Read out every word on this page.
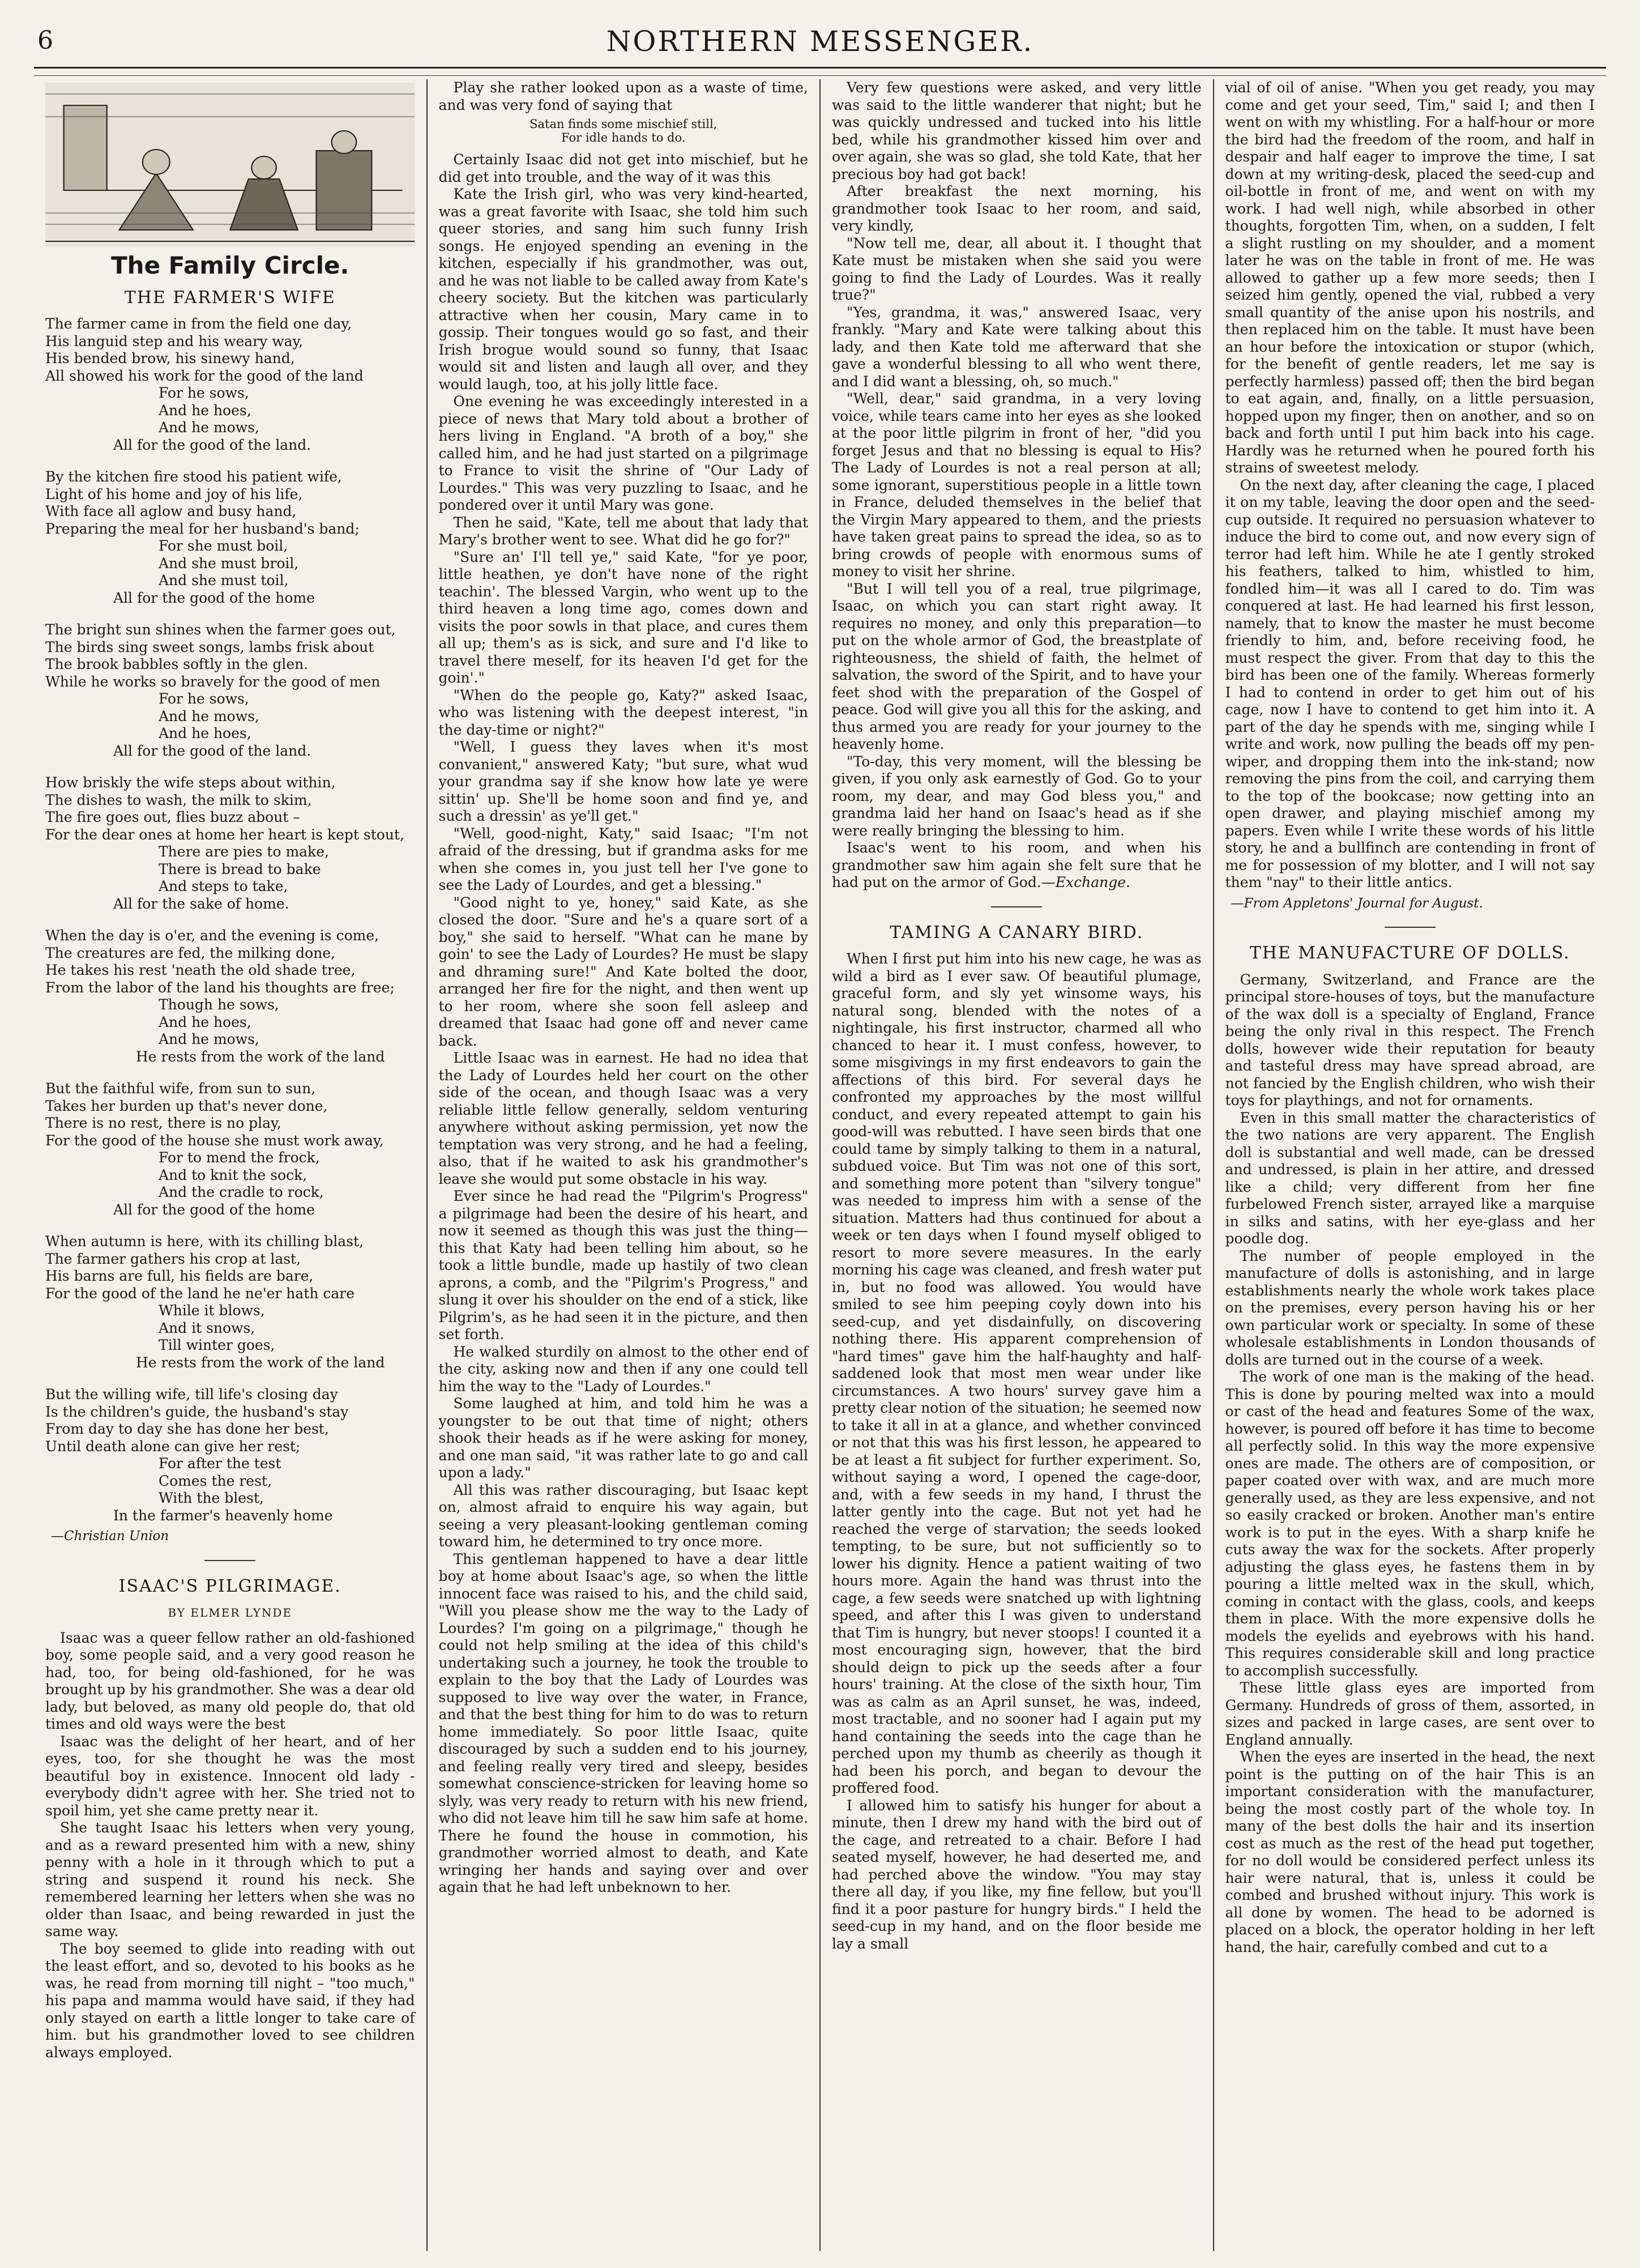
6	NORTHERN MESSENGER.
The Family Circle.
THE FARMER'S WIFE
The farmer came in from the field one day,
His languid step and his weary way,
His bended brow, his sinewy hand,
All showed his work for the good of the land
For he sows,
And he hoes,
And he mows,
All for the good of the land.
By the kitchen fire stood his patient wife,
Light of his home and joy of his life,
With face all aglow and busy hand,
Preparing the meal for her husband's band;
For she must boil,
And she must broil,
And she must toil,
All for the good of the home
The bright sun shines when the farmer goes out,
The birds sing sweet songs, lambs frisk about
The brook babbles softly in the glen.
While he works so bravely for the good of men
For he sows,
And he mows,
And he hoes,
All for the good of the land.
How briskly the wife steps about within,
The dishes to wash, the milk to skim,
The fire goes out, flies buzz about –
For the dear ones at home her heart is kept stout,
There are pies to make,
There is bread to bake
And steps to take,
All for the sake of home.
When the day is o'er, and the evening is come,
The creatures are fed, the milking done,
He takes his rest 'neath the old shade tree,
From the labor of the land his thoughts are free;
Though he sows,
And he hoes,
And he mows,
He rests from the work of the land
But the faithful wife, from sun to sun,
Takes her burden up that's never done,
There is no rest, there is no play,
For the good of the house she must work away,
For to mend the frock,
And to knit the sock,
And the cradle to rock,
All for the good of the home
When autumn is here, with its chilling blast,
The farmer gathers his crop at last,
His barns are full, his fields are bare,
For the good of the land he ne'er hath care
While it blows,
And it snows,
Till winter goes,
He rests from the work of the land
But the willing wife, till life's closing day
Is the children's guide, the husband's stay
From day to day she has done her best,
Until death alone can give her rest;
For after the test
Comes the rest,
With the blest,
In the farmer's heavenly home
—Christian Union
ISAAC'S PILGRIMAGE.
BY ELMER LYNDE

Isaac was a queer fellow rather an old-fashioned boy, some people said, and a very good reason he had, too, for being old-fashioned, for he was brought up by his grandmother. She was a dear old lady, but beloved, as many old people do, that old times and old ways were the best

Isaac was the delight of her heart, and of her eyes, too, for she thought he was the most beautiful boy in existence. Innocent old lady - everybody didn't agree with her. She tried not to spoil him, yet she came pretty near it.

She taught Isaac his letters when very young, and as a reward presented him with a new, shiny penny with a hole in it through which to put a string and suspend it round his neck. She remembered learning her letters when she was no older than Isaac, and being rewarded in just the same way.

The boy seemed to glide into reading with out the least effort, and so, devoted to his books as he was, he read from morning till night – "too much," his papa and mamma would have said, if they had only stayed on earth a little longer to take care of him. but his grandmother loved to see children always employed.

Play she rather looked upon as a waste of time, and was very fond of saying that

Satan finds some mischief still,
For idle hands to do.

Certainly Isaac did not get into mischief, but he did get into trouble, and the way of it was this

Kate the Irish girl, who was very kind-hearted, was a great favorite with Isaac, she told him such queer stories, and sang him such funny Irish songs. He enjoyed spending an evening in the kitchen, especially if his grandmother, was out, and he was not liable to be called away from Kate's cheery society. But the kitchen was particularly attractive when her cousin, Mary came in to gossip. Their tongues would go so fast, and their Irish brogue would sound so funny, that Isaac would sit and listen and laugh all over, and they would laugh, too, at his jolly little face.

One evening he was exceedingly interested in a piece of news that Mary told about a brother of hers living in England. "A broth of a boy," she called him, and he had just started on a pilgrimage to France to visit the shrine of "Our Lady of Lourdes." This was very puzzling to Isaac, and he pondered over it until Mary was gone.

Then he said, "Kate, tell me about that lady that Mary's brother went to see. What did he go for?"

"Sure an' I'll tell ye," said Kate, "for ye poor, little heathen, ye don't have none of the right teachin'. The blessed Vargin, who went up to the third heaven a long time ago, comes down and visits the poor sowls in that place, and cures them all up; them's as is sick, and sure and I'd like to travel there meself, for its heaven I'd get for the goin'."

"When do the people go, Katy?" asked Isaac, who was listening with the deepest interest, "in the day-time or night?"

"Well, I guess they laves when it's most convanient," answered Katy; "but sure, what wud your grandma say if she know how late ye were sittin' up. She'll be home soon and find ye, and such a dressin' as ye'll get."

"Well, good-night, Katy," said Isaac; "I'm not afraid of the dressing, but if grandma asks for me when she comes in, you just tell her I've gone to see the Lady of Lourdes, and get a blessing."

"Good night to ye, honey," said Kate, as she closed the door. "Sure and he's a quare sort of a boy," she said to herself. "What can he mane by goin' to see the Lady of Lourdes? He must be slapy and dhraming sure!" And Kate bolted the door, arranged her fire for the night, and then went up to her room, where she soon fell asleep and dreamed that Isaac had gone off and never came back.

Little Isaac was in earnest. He had no idea that the Lady of Lourdes held her court on the other side of the ocean, and though Isaac was a very reliable little fellow generally, seldom venturing anywhere without asking permission, yet now the temptation was very strong, and he had a feeling, also, that if he waited to ask his grandmother's leave she would put some obstacle in his way.

Ever since he had read the "Pilgrim's Progress" a pilgrimage had been the desire of his heart, and now it seemed as though this was just the thing—this that Katy had been telling him about, so he took a little bundle, made up hastily of two clean aprons, a comb, and the "Pilgrim's Progress," and slung it over his shoulder on the end of a stick, like Pilgrim's, as he had seen it in the picture, and then set forth.

He walked sturdily on almost to the other end of the city, asking now and then if any one could tell him the way to the "Lady of Lourdes."

Some laughed at him, and told him he was a youngster to be out that time of night; others shook their heads as if he were asking for money, and one man said, "it was rather late to go and call upon a lady."

All this was rather discouraging, but Isaac kept on, almost afraid to enquire his way again, but seeing a very pleasant-looking gentleman coming toward him, he determined to try once more.

This gentleman happened to have a dear little boy at home about Isaac's age, so when the little innocent face was raised to his, and the child said, "Will you please show me the way to the Lady of Lourdes? I'm going on a pilgrimage," though he could not help smiling at the idea of this child's undertaking such a journey, he took the trouble to explain to the boy that the Lady of Lourdes was supposed to live way over the water, in France, and that the best thing for him to do was to return home immediately. So poor little Isaac, quite discouraged by such a sudden end to his journey, and feeling really very tired and sleepy, besides somewhat conscience-stricken for leaving home so slyly, was very ready to return with his new friend, who did not leave him till he saw him safe at home. There he found the house in commotion, his grandmother worried almost to death, and Kate wringing her hands and saying over and over again that he had left unbeknown to her.

Very few questions were asked, and very little was said to the little wanderer that night; but he was quickly undressed and tucked into his little bed, while his grandmother kissed him over and over again, she was so glad, she told Kate, that her precious boy had got back!

After breakfast the next morning, his grandmother took Isaac to her room, and said, very kindly,

"Now tell me, dear, all about it. I thought that Kate must be mistaken when she said you were going to find the Lady of Lourdes. Was it really true?"

"Yes, grandma, it was," answered Isaac, very frankly. "Mary and Kate were talking about this lady, and then Kate told me afterward that she gave a wonderful blessing to all who went there, and I did want a blessing, oh, so much."

"Well, dear," said grandma, in a very loving voice, while tears came into her eyes as she looked at the poor little pilgrim in front of her, "did you forget Jesus and that no blessing is equal to His? The Lady of Lourdes is not a real person at all; some ignorant, superstitious people in a little town in France, deluded themselves in the belief that the Virgin Mary appeared to them, and the priests have taken great pains to spread the idea, so as to bring crowds of people with enormous sums of money to visit her shrine.

"But I will tell you of a real, true pilgrimage, Isaac, on which you can start right away. It requires no money, and only this preparation—to put on the whole armor of God, the breastplate of righteousness, the shield of faith, the helmet of salvation, the sword of the Spirit, and to have your feet shod with the preparation of the Gospel of peace. God will give you all this for the asking, and thus armed you are ready for your journey to the heavenly home.

"To-day, this very moment, will the blessing be given, if you only ask earnestly of God. Go to your room, my dear, and may God bless you," and grandma laid her hand on Isaac's head as if she were really bringing the blessing to him.

Isaac's went to his room, and when his grandmother saw him again she felt sure that he had put on the armor of God.—Exchange.

TAMING A CANARY BIRD.

When I first put him into his new cage, he was as wild a bird as I ever saw. Of beautiful plumage, graceful form, and sly yet winsome ways, his natural song, blended with the notes of a nightingale, his first instructor, charmed all who chanced to hear it. I must confess, however, to some misgivings in my first endeavors to gain the affections of this bird. For several days he confronted my approaches by the most willful conduct, and every repeated attempt to gain his good-will was rebutted. I have seen birds that one could tame by simply talking to them in a natural, subdued voice. But Tim was not one of this sort, and something more potent than "silvery tongue" was needed to impress him with a sense of the situation. Matters had thus continued for about a week or ten days when I found myself obliged to resort to more severe measures. In the early morning his cage was cleaned, and fresh water put in, but no food was allowed. You would have smiled to see him peeping coyly down into his seed-cup, and yet disdainfully, on discovering nothing there. His apparent comprehension of "hard times" gave him the half-haughty and half-saddened look that most men wear under like circumstances. A two hours' survey gave him a pretty clear notion of the situation; he seemed now to take it all in at a glance, and whether convinced or not that this was his first lesson, he appeared to be at least a fit subject for further experiment. So, without saying a word, I opened the cage-door, and, with a few seeds in my hand, I thrust the latter gently into the cage. But not yet had he reached the verge of starvation; the seeds looked tempting, to be sure, but not sufficiently so to lower his dignity. Hence a patient waiting of two hours more. Again the hand was thrust into the cage, a few seeds were snatched up with lightning speed, and after this I was given to understand that Tim is hungry, but never stoops! I counted it a most encouraging sign, however, that the bird should deign to pick up the seeds after a four hours' training. At the close of the sixth hour, Tim was as calm as an April sunset, he was, indeed, most tractable, and no sooner had I again put my hand containing the seeds into the cage than he perched upon my thumb as cheerily as though it had been his porch, and began to devour the proffered food.

I allowed him to satisfy his hunger for about a minute, then I drew my hand with the bird out of the cage, and retreated to a chair. Before I had seated myself, however, he had deserted me, and had perched above the window. "You may stay there all day, if you like, my fine fellow, but you'll find it a poor pasture for hungry birds." I held the seed-cup in my hand, and on the floor beside me lay a small

vial of oil of anise. "When you get ready, you may come and get your seed, Tim," said I; and then I went on with my whistling. For a half-hour or more the bird had the freedom of the room, and half in despair and half eager to improve the time, I sat down at my writing-desk, placed the seed-cup and oil-bottle in front of me, and went on with my work. I had well nigh, while absorbed in other thoughts, forgotten Tim, when, on a sudden, I felt a slight rustling on my shoulder, and a moment later he was on the table in front of me. He was allowed to gather up a few more seeds; then I seized him gently, opened the vial, rubbed a very small quantity of the anise upon his nostrils, and then replaced him on the table. It must have been an hour before the intoxication or stupor (which, for the benefit of gentle readers, let me say is perfectly harmless) passed off; then the bird began to eat again, and, finally, on a little persuasion, hopped upon my finger, then on another, and so on back and forth until I put him back into his cage. Hardly was he returned when he poured forth his strains of sweetest melody.

On the next day, after cleaning the cage, I placed it on my table, leaving the door open and the seed-cup outside. It required no persuasion whatever to induce the bird to come out, and now every sign of terror had left him. While he ate I gently stroked his feathers, talked to him, whistled to him, fondled him—it was all I cared to do. Tim was conquered at last. He had learned his first lesson, namely, that to know the master he must become friendly to him, and, before receiving food, he must respect the giver. From that day to this the bird has been one of the family. Whereas formerly I had to contend in order to get him out of his cage, now I have to contend to get him into it. A part of the day he spends with me, singing while I write and work, now pulling the beads off my pen-wiper, and dropping them into the ink-stand; now removing the pins from the coil, and carrying them to the top of the bookcase; now getting into an open drawer, and playing mischief among my papers. Even while I write these words of his little story, he and a bullfinch are contending in front of me for possession of my blotter, and I will not say them "nay" to their little antics.

—From Appletons' Journal for August.
THE MANUFACTURE OF DOLLS.

Germany, Switzerland, and France are the principal store-houses of toys, but the manufacture of the wax doll is a specialty of England, France being the only rival in this respect. The French dolls, however wide their reputation for beauty and tasteful dress may have spread abroad, are not fancied by the English children, who wish their toys for playthings, and not for ornaments.

Even in this small matter the characteristics of the two nations are very apparent. The English doll is substantial and well made, can be dressed and undressed, is plain in her attire, and dressed like a child; very different from her fine furbelowed French sister, arrayed like a marquise in silks and satins, with her eye-glass and her poodle dog.

The number of people employed in the manufacture of dolls is astonishing, and in large establishments nearly the whole work takes place on the premises, every person having his or her own particular work or specialty. In some of these wholesale establishments in London thousands of dolls are turned out in the course of a week.

The work of one man is the making of the head. This is done by pouring melted wax into a mould or cast of the head and features Some of the wax, however, is poured off before it has time to become all perfectly solid. In this way the more expensive ones are made. The others are of composition, or paper coated over with wax, and are much more generally used, as they are less expensive, and not so easily cracked or broken. Another man's entire work is to put in the eyes. With a sharp knife he cuts away the wax for the sockets. After properly adjusting the glass eyes, he fastens them in by pouring a little melted wax in the skull, which, coming in contact with the glass, cools, and keeps them in place. With the more expensive dolls he models the eyelids and eyebrows with his hand. This requires considerable skill and long practice to accomplish successfully.

These little glass eyes are imported from Germany. Hundreds of gross of them, assorted, in sizes and packed in large cases, are sent over to England annually.

When the eyes are inserted in the head, the next point is the putting on of the hair This is an important consideration with the manufacturer, being the most costly part of the whole toy. In many of the best dolls the hair and its insertion cost as much as the rest of the head put together, for no doll would be considered perfect unless its hair were natural, that is, unless it could be combed and brushed without injury. This work is all done by women. The head to be adorned is placed on a block, the operator holding in her left hand, the hair, carefully combed and cut to a
